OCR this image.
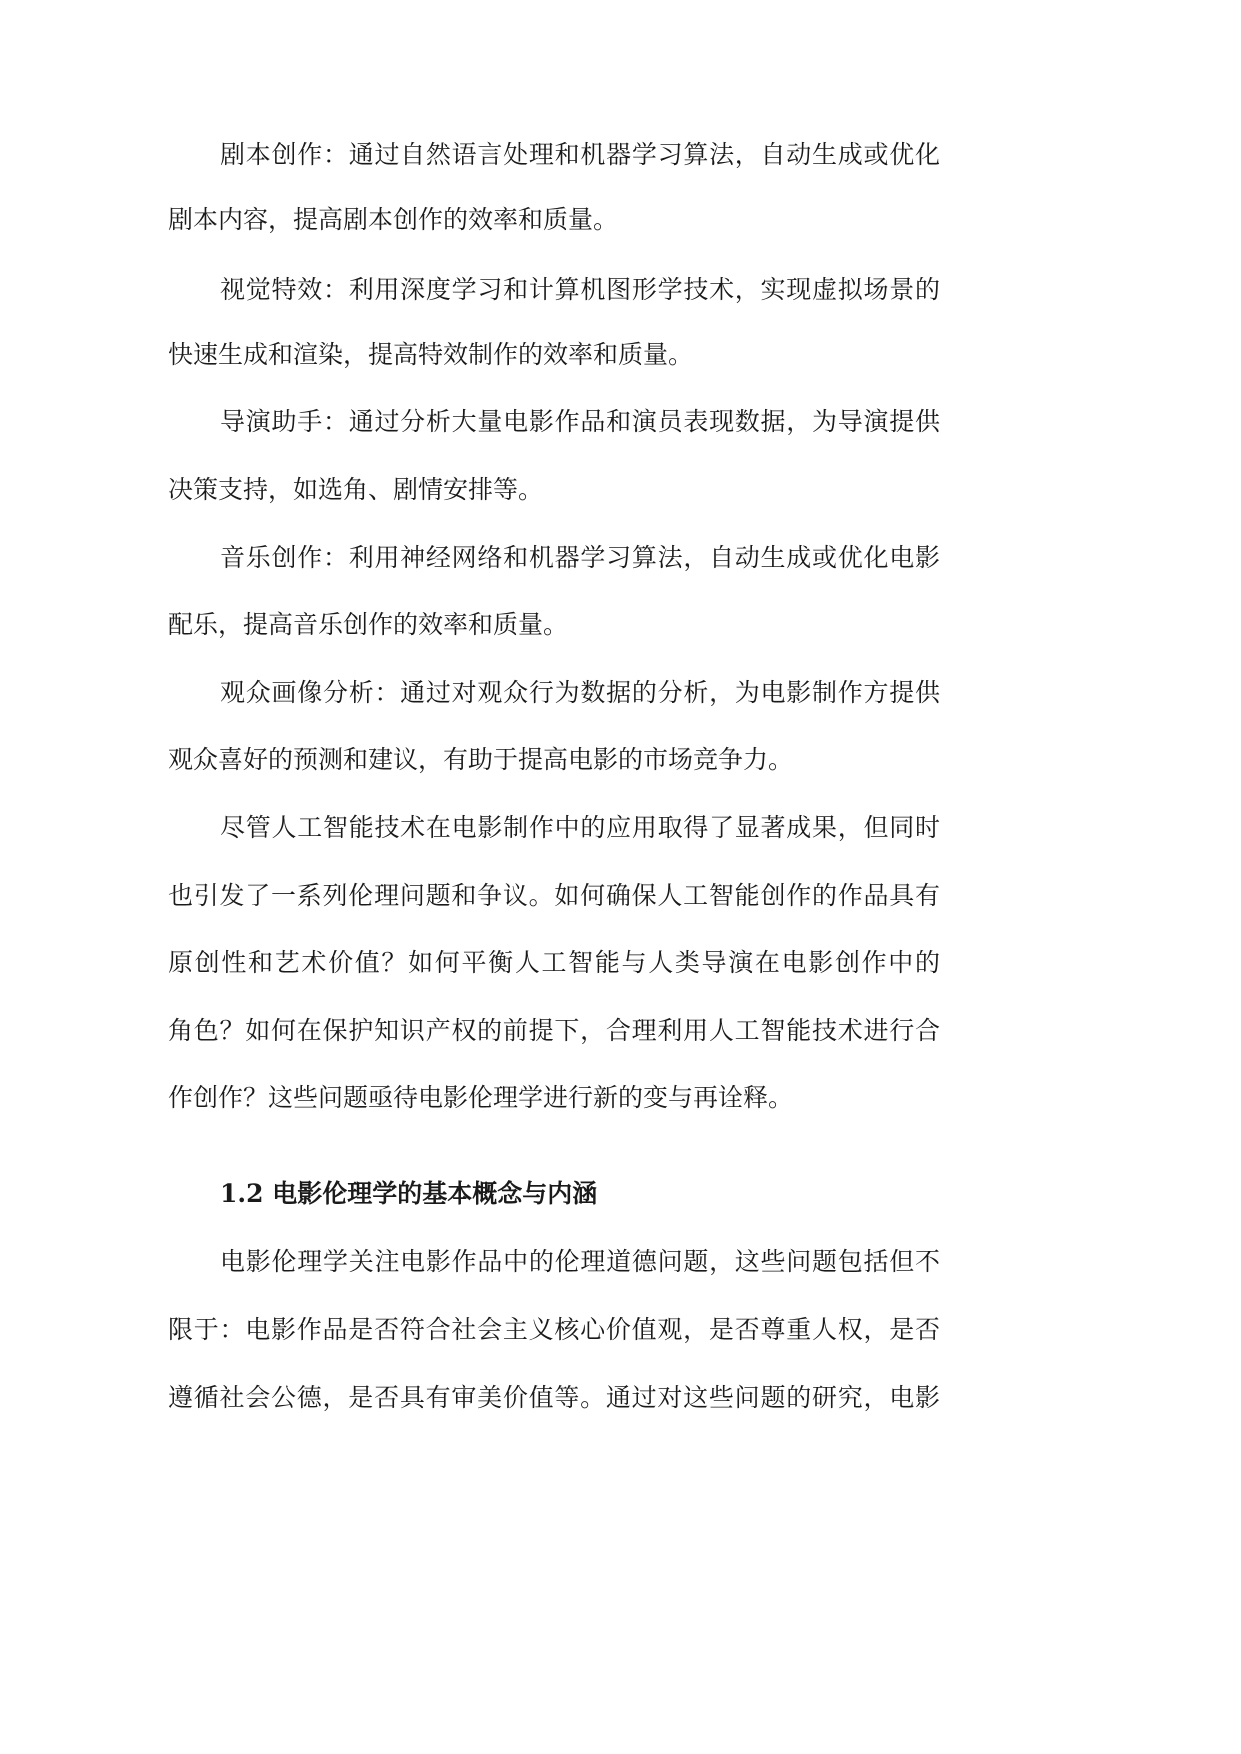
剧本创作：通过自然语言处理和机器学习算法，自动生成或优化
剧本内容，提高剧本创作的效率和质量。
视觉特效：利用深度学习和计算机图形学技术，实现虚拟场景的
快速生成和渲染，提高特效制作的效率和质量。
导演助手：通过分析大量电影作品和演员表现数据，为导演提供
决策支持，如选角、剧情安排等。
音乐创作：利用神经网络和机器学习算法，自动生成或优化电影
配乐，提高音乐创作的效率和质量。
观众画像分析：通过对观众行为数据的分析，为电影制作方提供
观众喜好的预测和建议，有助于提高电影的市场竞争力。
尽管人工智能技术在电影制作中的应用取得了显著成果，但同时
也引发了一系列伦理问题和争议。如何确保人工智能创作的作品具有
原创性和艺术价值？如何平衡人工智能与人类导演在电影创作中的
角色？如何在保护知识产权的前提下，合理利用人工智能技术进行合
作创作？这些问题亟待电影伦理学进行新的变与再诠释。
1.2 电影伦理学的基本概念与内涵
电影伦理学关注电影作品中的伦理道德问题，这些问题包括但不
限于：电影作品是否符合社会主义核心价值观，是否尊重人权，是否
遵循社会公德，是否具有审美价值等。通过对这些问题的研究，电影
